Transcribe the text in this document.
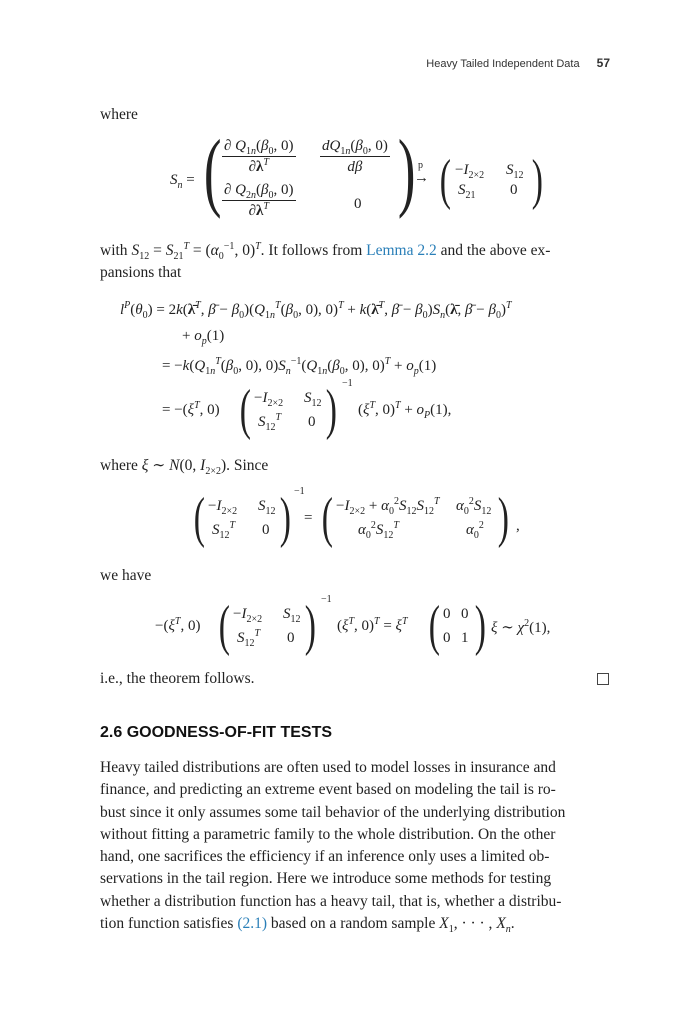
Heavy Tailed Independent Data 57
where
$S_n$ = ( $\frac{\partial Q_{1n}(\beta_0, 0)}{\partial\lambda^T} \frac{dQ_{1n}(\beta_0, 0)}{d\beta}$
$\frac{\partial Q_{2n}(\beta_0, 0)}{\partial\lambda^T}$	0 ) p
→ ( $-I_{2\times 2}$ $S_{12}$
$S_{21}$ 0 )
with $S_{12} = S_{21}^T = (\alpha_0^{-1}$, 0)$^T$. It follows from Lemma 2.2 and the above ex-
pansions that
$l^P(\theta_0)$ = 2k(λ̄$^T$, β̄ − $\beta_0)(Q_{1n}^T(\beta_0$, 0), 0)$^T$ + k(λ̄$^T$, β̄ − $\beta_0)S_n(\lambdā$, β̄ − $\beta_0)^T$
+ $o_p(1)$
= $-k(Q_{1n}^T(\beta_0$, 0), $0)S_n^{-1}(Q_{1n}(\beta_0$, 0), $0)^T + o_p(1)$
= $-(\xi^T$, 0) ( $-I_{2\times 2}$ $S_{12}$
$S_{12}^T$ 0 ) −1
($\xi^T$, $0)^T + o_P(1)$,
where ξ ∼ N(0, $I_{2\times 2}$). Since
( $-I_{2\times 2}$ $S_{12}$
$S_{12}^T$ 0 ) −1
= ( $-I_{2\times 2} + \alpha_0^2S_{12}S_{12}^T$ $\alpha_0^2S_{12}$
$\alpha_0^2S_{12}^T$	$\alpha_0^2$ ) ,
we have
$-(\xi^T$, 0) ( $-I_{2\times 2}$ $S_{12}$
$S_{12}^T$ 0 ) −1
($\xi^T$, $0)^T = \xi^T$ ( 0 0
0 1 ) ξ ∼ $\chi^2(1)$,
i.e., the theorem follows.
2.6 GOODNESS-OF-FIT TESTS
Heavy tailed distributions are often used to model losses in insurance and
finance, and predicting an extreme event based on modeling the tail is ro-
bust since it only assumes some tail behavior of the underlying distribution
without fitting a parametric family to the whole distribution. On the other
hand, one sacrifices the efficiency if an inference only uses a limited ob-
servations in the tail region. Here we introduce some methods for testing
whether a distribution function has a heavy tail, that is, whether a distribu-
tion function satisfies (2.1) based on a random sample $X_1$, · · · , $X_n$.
